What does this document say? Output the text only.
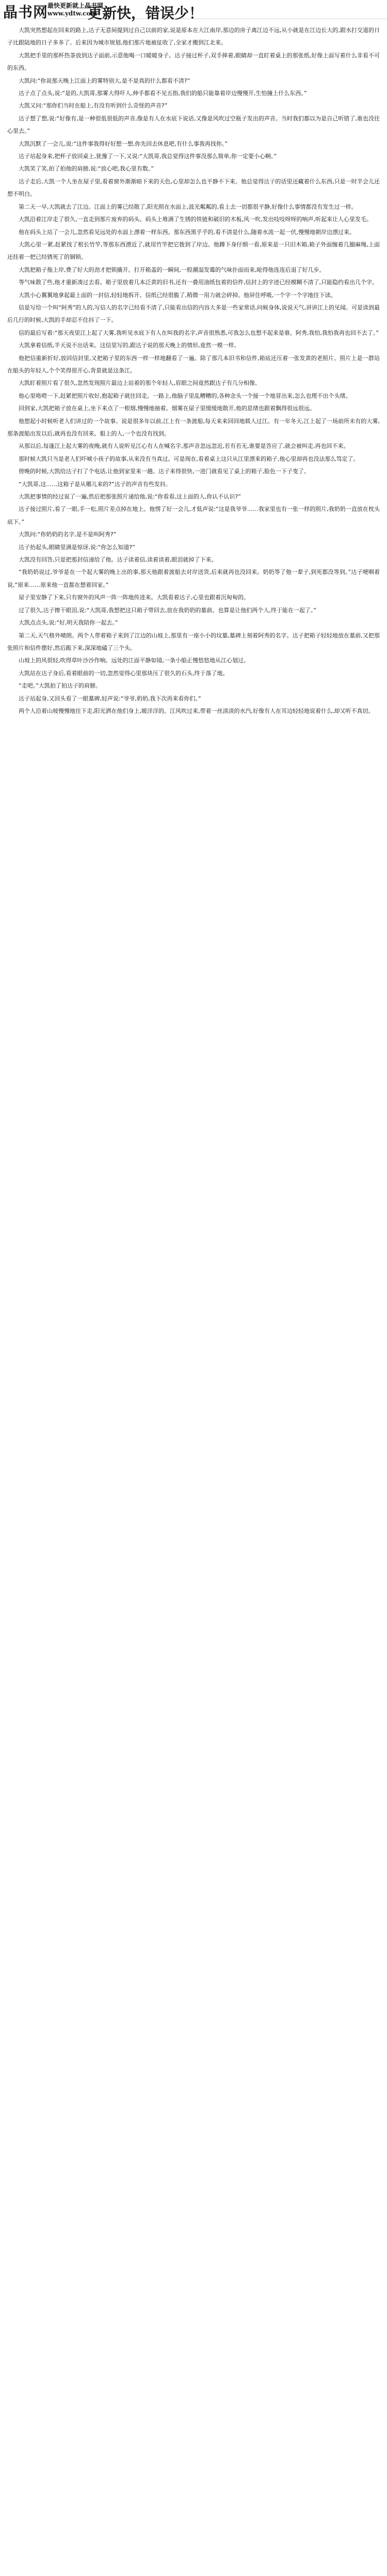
晶书网
最快更新就上晶书网
www.ydtw.com
更新快，错误少！

大凯突然想起在回来的路上,达子无意间提到过自己以前的家,说是原本在大江南岸,那边的房子离江边不远,从小就是在江边长大的,跟水打交道的日子比跟陆地的日子多多了。后来因为城市规划,他们那片地被征收了,全家才搬到江北来。

大凯把手里的那杯热茶放到达子面前,示意他喝一口暖暖身子。达子接过杯子,双手捧着,眼睛却一直盯着桌上的那张纸,好像上面写着什么非看不可的东西。

大凯问:“你说那天晚上江面上的雾特别大,是不是真的什么都看不清?”

达子点了点头,说:“是的,大凯哥,那雾大得吓人,伸手都看不见五指,我们的船只能靠着岸边慢慢开,生怕撞上什么东西。”

大凯又问:“那你们当时在船上,有没有听到什么奇怪的声音?”

达子想了想,说:“好像有,是一种很低很低的声音,像是有人在水底下说话,又像是风吹过空瓶子发出的声音。当时我们都以为是自己听错了,谁也没往心里去。”

大凯沉默了一会儿,说:“这件事我得好好想一想,你先回去休息吧,有什么事我再找你。”

达子站起身来,把杯子放回桌上,犹豫了一下,又说:“大凯哥,我总觉得这件事没那么简单,你一定要小心啊。”

大凯笑了笑,拍了拍他的肩膀,说:“放心吧,我心里有数。”

达子走后,大凯一个人坐在屋子里,看着窗外渐渐暗下来的天色,心里却怎么也平静不下来。他总觉得达子的话里还藏着什么东西,只是一时半会儿还想不明白。

第二天一早,大凯就去了江边。江面上的雾已经散了,阳光照在水面上,波光粼粼的,看上去一切都很平静,好像什么事情都没有发生过一样。

大凯沿着江岸走了很久,一直走到那片废弃的码头。码头上堆满了生锈的铁链和破旧的木板,风一吹,发出吱吱呀呀的响声,听起来让人心里发毛。

他在码头上站了一会儿,忽然看见远处的水面上漂着一样东西。那东西黑乎乎的,看不清是什么,随着水流一起一伏,慢慢地朝岸边漂过来。

大凯心里一紧,赶紧找了根长竹竿,等那东西漂近了,就用竹竿把它拨到了岸边。他蹲下身仔细一看,原来是一只旧木箱,箱子外面缠着几圈麻绳,上面还挂着一把已经锈死了的铜锁。

大凯把箱子拖上岸,费了好大的劲才把锁撬开。打开箱盖的一瞬间,一股潮湿发霉的气味扑面而来,呛得他连连后退了好几步。

等气味散了些,他才重新凑过去看。箱子里放着几本泛黄的旧书,还有一叠用油纸包着的信件,信封上的字迹已经模糊不清了,只能隐约看出几个字。

大凯小心翼翼地拿起最上面的一封信,轻轻地拆开。信纸已经很脆了,稍微一用力就会碎掉。他屏住呼吸,一个字一个字地往下读。

信是写给一个叫“阿秀”的人的,写信人的名字已经看不清了,只能看出信的内容大多是一些家常话,问候身体,说说天气,讲讲江上的见闻。可是读到最后几行的时候,大凯的手却忍不住抖了一下。

信的最后写着:“那天夜里江上起了大雾,我听见水底下有人在叫我的名字,声音很熟悉,可我怎么也想不起来是谁。阿秀,我怕,我怕我再也回不去了。”

大凯拿着信纸,半天说不出话来。这信里写的,跟达子说的那天晚上的情形,竟然一模一样。

他把信重新折好,放回信封里,又把箱子里的东西一样一样地翻看了一遍。除了那几本旧书和信件,箱底还压着一张发黄的老照片。照片上是一群站在船头的年轻人,个个笑得很开心,背景就是这条江。

大凯盯着照片看了很久,忽然发现照片最边上站着的那个年轻人,眉眼之间竟然跟达子有几分相像。

他心里咯噔一下,赶紧把照片收好,抱起箱子就往回走。一路上,他脑子里乱糟糟的,各种念头一个接一个地冒出来,怎么也理不出个头绪。

回到家,大凯把箱子放在桌上,坐下来点了一根烟,慢慢地抽着。烟雾在屋子里缓缓地散开,他的思绪也跟着飘得很远很远。

他想起小时候听老人们讲过的一个故事。说是很多年以前,江上有一条渡船,每天来来回回地载人过江。有一年冬天,江上起了一场前所未有的大雾,那条渡船出发以后,就再也没有回来。船上的人,一个也没有找到。

从那以后,每逢江上起大雾的夜晚,就有人说听见江心有人在喊名字,那声音忽远忽近,若有若无,谁要是答应了,就会被叫走,再也回不来。

那时候大凯只当是老人们吓唬小孩子的故事,从来没有当真过。可是现在,看着桌上这只从江里漂来的箱子,他心里却再也没法那么笃定了。

傍晚的时候,大凯给达子打了个电话,让他到家里来一趟。达子来得很快,一进门就看见了桌上的箱子,脸色一下子变了。

“大凯哥,这……这箱子是从哪儿来的?”达子的声音有些发抖。

大凯把事情的经过说了一遍,然后把那张照片递给他,说:“你看看,这上面的人,你认不认识?”

达子接过照片,看了一眼,手一松,照片差点掉在地上。他愣了好一会儿,才低声说:“这是我爷爷……我家里也有一张一样的照片,我奶奶一直放在枕头底下。”

大凯问:“你奶奶的名字,是不是叫阿秀?”

达子抬起头,眼睛里满是惊讶,说:“你怎么知道?”

大凯没有回答,只是把那封信递给了他。达子读着信,读着读着,眼泪就掉了下来。

“我奶奶说过,爷爷是在一个起大雾的晚上出的事,那天他跟着渡船去对岸送货,后来就再也没回来。奶奶等了他一辈子,到死都没等到。”达子哽咽着说,“原来……原来他一直都在想着回家。”

屋子里安静了下来,只有窗外的风声一阵一阵地传进来。大凯看着达子,心里也跟着沉甸甸的。

过了很久,达子擦干眼泪,说:“大凯哥,我想把这只箱子带回去,放在我奶奶的墓前。也算是让他们两个人,终于能在一起了。”

大凯点点头,说:“好,明天我陪你一起去。”

第二天,天气格外晴朗。两个人带着箱子来到了江边的山坡上,那里有一座小小的坟墓,墓碑上刻着阿秀的名字。达子把箱子轻轻地放在墓前,又把那张照片和信件摆好,然后跪下来,深深地磕了三个头。

山坡上的风很轻,吹得草叶沙沙作响。远处的江面平静如镜,一条小船正慢悠悠地从江心划过。

大凯站在达子身后,看着眼前的一切,忽然觉得心里那块压了很久的石头,终于落了地。

“走吧。”大凯拍了拍达子的肩膀。

达子站起身,又回头看了一眼墓碑,轻声说:“爷爷,奶奶,我下次再来看你们。”

两个人沿着山坡慢慢地往下走,阳光洒在他们身上,暖洋洋的。江风吹过来,带着一丝淡淡的水汽,好像有人在耳边轻轻地说着什么,却又听不真切。
